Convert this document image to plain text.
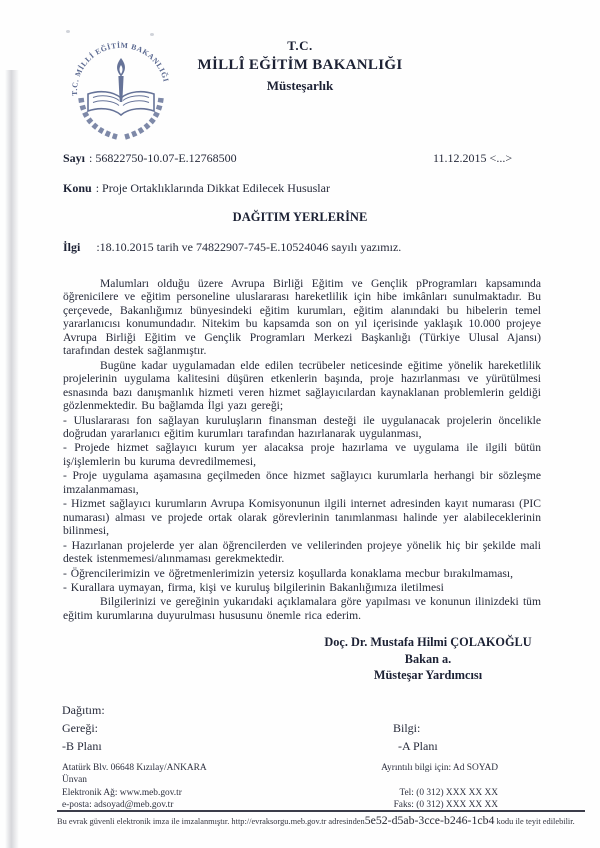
T.C. MİLLİ EĞİTİM BAKANLIĞI
T.C.
MİLLÎ EĞİTİM BAKANLIĞI
Müsteşarlık
Sayı : 56822750-10.07-E.12768500	11.12.2015 <...>
Konu : Proje Ortaklıklarında Dikkat Edilecek Hususlar
DAĞITIM YERLERİNE
İlgi :18.10.2015 tarih ve 74822907-745-E.10524046 sayılı yazımız.

Malumları olduğu üzere Avrupa Birliği Eğitim ve Gençlik pProgramları kapsamında öğrenicilere ve eğitim personeline uluslararası hareketlilik için hibe imkânları sunulmaktadır. Bu çerçevede, Bakanlığımız bünyesindeki eğitim kurumları, eğitim alanındaki bu hibelerin temel yararlanıcısı konumundadır. Nitekim bu kapsamda son on yıl içerisinde yaklaşık 10.000 projeye Avrupa Birliği Eğitim ve Gençlik Programları Merkezi Başkanlığı (Türkiye Ulusal Ajansı) tarafından destek sağlanmıştır.

Bugüne kadar uygulamadan elde edilen tecrübeler neticesinde eğitime yönelik hareketlilik projelerinin uygulama kalitesini düşüren etkenlerin başında, proje hazırlanması ve yürütülmesi esnasında bazı danışmanlık hizmeti veren hizmet sağlayıcılardan kaynaklanan problemlerin geldiği gözlenmektedir. Bu bağlamda İlgi yazı gereği;

- Uluslararası fon sağlayan kuruluşların finansman desteği ile uygulanacak projelerin öncelikle doğrudan yararlanıcı eğitim kurumları tarafından hazırlanarak uygulanması,

- Projede hizmet sağlayıcı kurum yer alacaksa proje hazırlama ve uygulama ile ilgili bütün iş/işlemlerin bu kuruma devredilmemesi,

- Proje uygulama aşamasına geçilmeden önce hizmet sağlayıcı kurumlarla herhangi bir sözleşme imzalanmaması,

- Hizmet sağlayıcı kurumların Avrupa Komisyonunun ilgili internet adresinden kayıt numarası (PIC numarası) alması ve projede ortak olarak görevlerinin tanımlanması halinde yer alabileceklerinin bilinmesi,

- Hazırlanan projelerde yer alan öğrencilerden ve velilerinden projeye yönelik hiç bir şekilde mali destek istenmemesi/alınmaması gerekmektedir.

- Öğrencilerimizin ve öğretmenlerimizin yetersiz koşullarda konaklama mecbur bırakılmaması,

- Kurallara uymayan, firma, kişi ve kuruluş bilgilerinin Bakanlığımıza iletilmesi

Bilgilerinizi ve gereğinin yukarıdaki açıklamalara göre yapılması ve konunun ilinizdeki tüm eğitim kurumlarına duyurulması hususunu önemle rica ederim.

Doç. Dr. Mustafa Hilmi ÇOLAKOĞLU
Bakan a.
Müsteşar Yardımcısı
Dağıtım:
Gereği:
-B Planı
Bilgi:
-A Planı
Atatürk Blv. 06648 Kızılay/ANKARA
Ünvan
Elektronik Ağ: www.meb.gov.tr
e-posta: adsoyad@meb.gov.tr
Ayrıntılı bilgi için: Ad SOYAD
Tel: (0 312) XXX XX XX
Faks: (0 312) XXX XX XX
Bu evrak güvenli elektronik imza ile imzalanmıştır. http://evraksorgu.meb.gov.tr adresinden5e52-d5ab-3cce-b246-1cb4 kodu ile teyit edilebilir.
